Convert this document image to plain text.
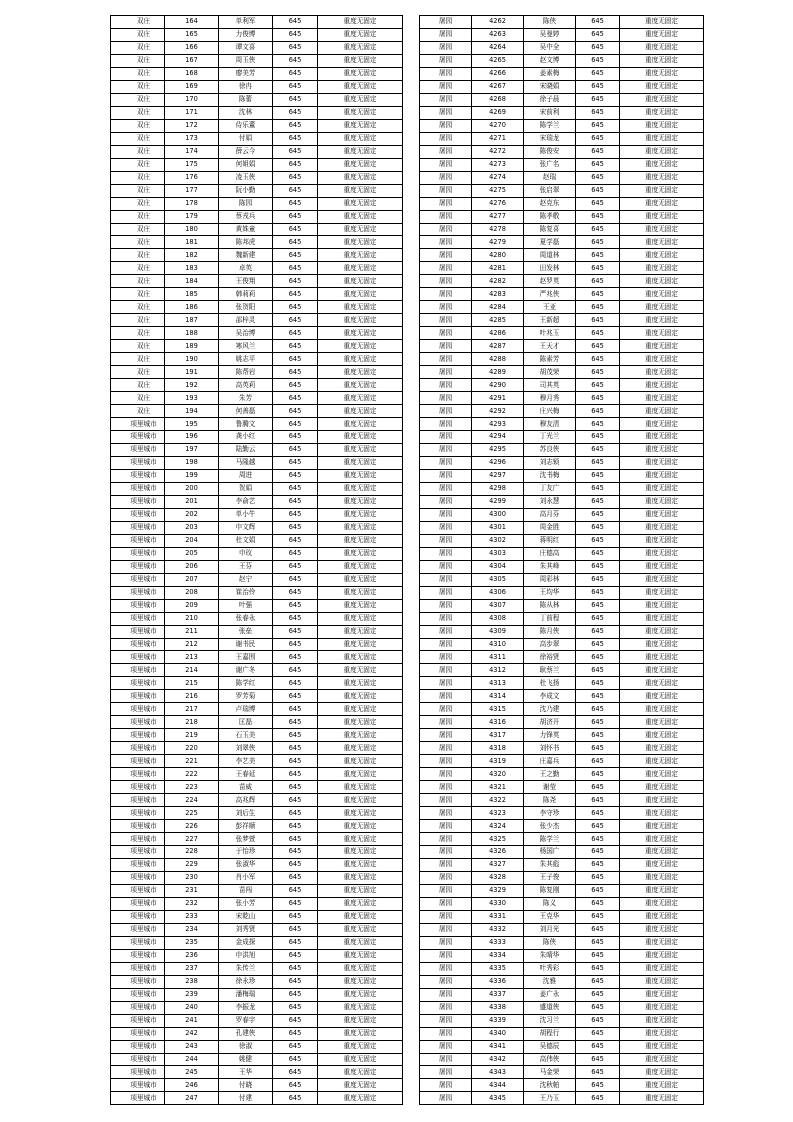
双庄	164	单利军	645	重度无固定
双庄	165	力俊博	645	重度无固定
双庄	166	谭文喜	645	重度无固定
双庄	167	周玉侠	645	重度无固定
双庄	168	廖美芳	645	重度无固定
双庄	169	徐冉	645	重度无固定
双庄	170	陈蕾	645	重度无固定
双庄	171	沈林	645	重度无固定
双庄	172	侍乐董	645	重度无固定
双庄	173	付娟	645	重度无固定
双庄	174	薛云今	645	重度无固定
双庄	175	何姐娟	645	重度无固定
双庄	176	凌玉侠	645	重度无固定
双庄	177	阮小勤	645	重度无固定
双庄	178	陈园	645	重度无固定
双庄	179	蔡戎兵	645	重度无固定
双庄	180	黄姝童	645	重度无固定
双庄	181	陈邦虎	645	重度无固定
双庄	182	魏新建	645	重度无固定
双庄	183	卓英	645	重度无固定
双庄	184	王俊翔	645	重度无固定
双庄	185	韩莉莉	645	重度无固定
双庄	186	张贺阳	645	重度无固定
双庄	187	邵梓灵	645	重度无固定
双庄	188	吴治博	645	重度无固定
双庄	189	寒风兰	645	重度无固定
双庄	190	姚志平	645	重度无固定
双庄	191	陈帮岩	645	重度无固定
双庄	192	高英莉	645	重度无固定
双庄	193	朱芳	645	重度无固定
双庄	194	何善磊	645	重度无固定
项里城市	195	鲁腾文	645	重度无固定
项里城市	196	龚小红	645	重度无固定
项里城市	197	陆勤云	645	重度无固定
项里城市	198	马隆越	645	重度无固定
项里城市	199	周进	645	重度无固定
项里城市	200	贺娟	645	重度无固定
项里城市	201	李俞艺	645	重度无固定
项里城市	202	单小牛	645	重度无固定
项里城市	203	申文辉	645	重度无固定
项里城市	204	杜文娟	645	重度无固定
项里城市	205	申玫	645	重度无固定
项里城市	206	王芬	645	重度无固定
项里城市	207	赵宁	645	重度无固定
项里城市	208	崔治伶	645	重度无固定
项里城市	209	叶强	645	重度无固定
项里城市	210	张春永	645	重度无固定
项里城市	211	张垒	645	重度无固定
项里城市	212	谢书民	645	重度无固定
项里城市	213	王嘉围	645	重度无固定
项里城市	214	谢广冬	645	重度无固定
项里城市	215	陈学红	645	重度无固定
项里城市	216	罗芳菊	645	重度无固定
项里城市	217	卢瑞博	645	重度无固定
项里城市	218	匡磊	645	重度无固定
项里城市	219	石玉美	645	重度无固定
项里城市	220	刘翠侠	645	重度无固定
项里城市	221	李艺美	645	重度无固定
项里城市	222	王春延	645	重度无固定
项里城市	223	苗威	645	重度无固定
项里城市	224	高兆辉	645	重度无固定
项里城市	225	刘后生	645	重度无固定
项里城市	226	彭祥顺	645	重度无固定
项里城市	227	张梦萱	645	重度无固定
项里城市	228	于怡珍	645	重度无固定
项里城市	229	张淑华	645	重度无固定
项里城市	230	肖小军	645	重度无固定
项里城市	231	苗闯	645	重度无固定
项里城市	232	张小芳	645	重度无固定
项里城市	233	宋乾山	645	重度无固定
项里城市	234	刘秀贤	645	重度无固定
项里城市	235	金成探	645	重度无固定
项里城市	236	申洪旭	645	重度无固定
项里城市	237	朱传兰	645	重度无固定
项里城市	238	徐永珍	645	重度无固定
项里城市	239	潘梅瑞	645	重度无固定
项里城市	240	李振龙	645	重度无固定
项里城市	241	罗春宇	645	重度无固定
项里城市	242	孔建侠	645	重度无固定
项里城市	243	徐淑	645	重度无固定
项里城市	244	姚健	645	重度无固定
项里城市	245	王华	645	重度无固定
项里城市	246	付晓	645	重度无固定
项里城市	247	付建	645	重度无固定
屠园	4262	陈侠	645	重度无固定
屠园	4263	吴曼婷	645	重度无固定
屠园	4264	吴中全	645	重度无固定
屠园	4265	赵文博	645	重度无固定
屠园	4266	姜素梅	645	重度无固定
屠园	4267	宋晓娟	645	重度无固定
屠园	4268	徐子晨	645	重度无固定
屠园	4269	宋前利	645	重度无固定
屠园	4270	陈学兰	645	重度无固定
屠园	4271	宋瑞龙	645	重度无固定
屠园	4272	陈俊安	645	重度无固定
屠园	4273	张广名	645	重度无固定
屠园	4274	赵瑞	645	重度无固定
屠园	4275	张启翠	645	重度无固定
屠园	4276	赵克东	645	重度无固定
屠园	4277	陈孝敬	645	重度无固定
屠园	4278	陈复喜	645	重度无固定
屠园	4279	夏学磊	645	重度无固定
屠园	4280	周道林	645	重度无固定
屠园	4281	田发林	645	重度无固定
屠园	4282	赵罗英	645	重度无固定
屠园	4283	严兆侠	645	重度无固定
屠园	4284	王亚	645	重度无固定
屠园	4285	王新超	645	重度无固定
屠园	4286	叶兆玉	645	重度无固定
屠园	4287	王天才	645	重度无固定
屠园	4288	陈素芳	645	重度无固定
屠园	4289	胡茂荣	645	重度无固定
屠园	4290	司其英	645	重度无固定
屠园	4291	穆月秀	645	重度无固定
屠园	4292	庄兴梅	645	重度无固定
屠园	4293	穆友清	645	重度无固定
屠园	4294	丁光兰	645	重度无固定
屠园	4295	苏良侠	645	重度无固定
屠园	4296	刘志锁	645	重度无固定
屠园	4297	沈书梅	645	重度无固定
屠园	4298	丁友广	645	重度无固定
屠园	4299	刘永慧	645	重度无固定
屠园	4300	高月芬	645	重度无固定
屠园	4301	周金胜	645	重度无固定
屠园	4302	蒋明红	645	重度无固定
屠园	4303	庄德高	645	重度无固定
屠园	4304	朱其峰	645	重度无固定
屠园	4305	周彩林	645	重度无固定
屠园	4306	王均华	645	重度无固定
屠园	4307	陈从林	645	重度无固定
屠园	4308	丁前程	645	重度无固定
屠园	4309	陈月侠	645	重度无固定
屠园	4310	高步翠	645	重度无固定
屠园	4311	徐裕贤	645	重度无固定
屠园	4312	耿蔡兰	645	重度无固定
屠园	4313	杜飞扬	645	重度无固定
屠园	4314	李成文	645	重度无固定
屠园	4315	沈乃建	645	重度无固定
屠园	4316	胡济开	645	重度无固定
屠园	4317	力锋英	645	重度无固定
屠园	4318	刘怀书	645	重度无固定
屠园	4319	庄嘉兵	645	重度无固定
屠园	4320	王之勤	645	重度无固定
屠园	4321	谢莹	645	重度无固定
屠园	4322	陈尧	645	重度无固定
屠园	4323	李守珍	645	重度无固定
屠园	4324	张少杰	645	重度无固定
屠园	4325	陈学兰	645	重度无固定
屠园	4326	杨国广	645	重度无固定
屠园	4327	朱其彪	645	重度无固定
屠园	4328	王子俊	645	重度无固定
屠园	4329	陈复刚	645	重度无固定
屠园	4330	陈义	645	重度无固定
屠园	4331	王克华	645	重度无固定
屠园	4332	刘月光	645	重度无固定
屠园	4333	陈侠	645	重度无固定
屠园	4334	朱晴华	645	重度无固定
屠园	4335	叶秀彩	645	重度无固定
屠园	4336	沈雅	645	重度无固定
屠园	4337	姜广永	645	重度无固定
屠园	4338	盛道侠	645	重度无固定
屠园	4339	沈习兰	645	重度无固定
屠园	4340	胡程行	645	重度无固定
屠园	4341	吴德辰	645	重度无固定
屠园	4342	高伟侠	645	重度无固定
屠园	4343	马金荣	645	重度无固定
屠园	4344	沈秋帕	645	重度无固定
屠园	4345	王乃玉	645	重度无固定
